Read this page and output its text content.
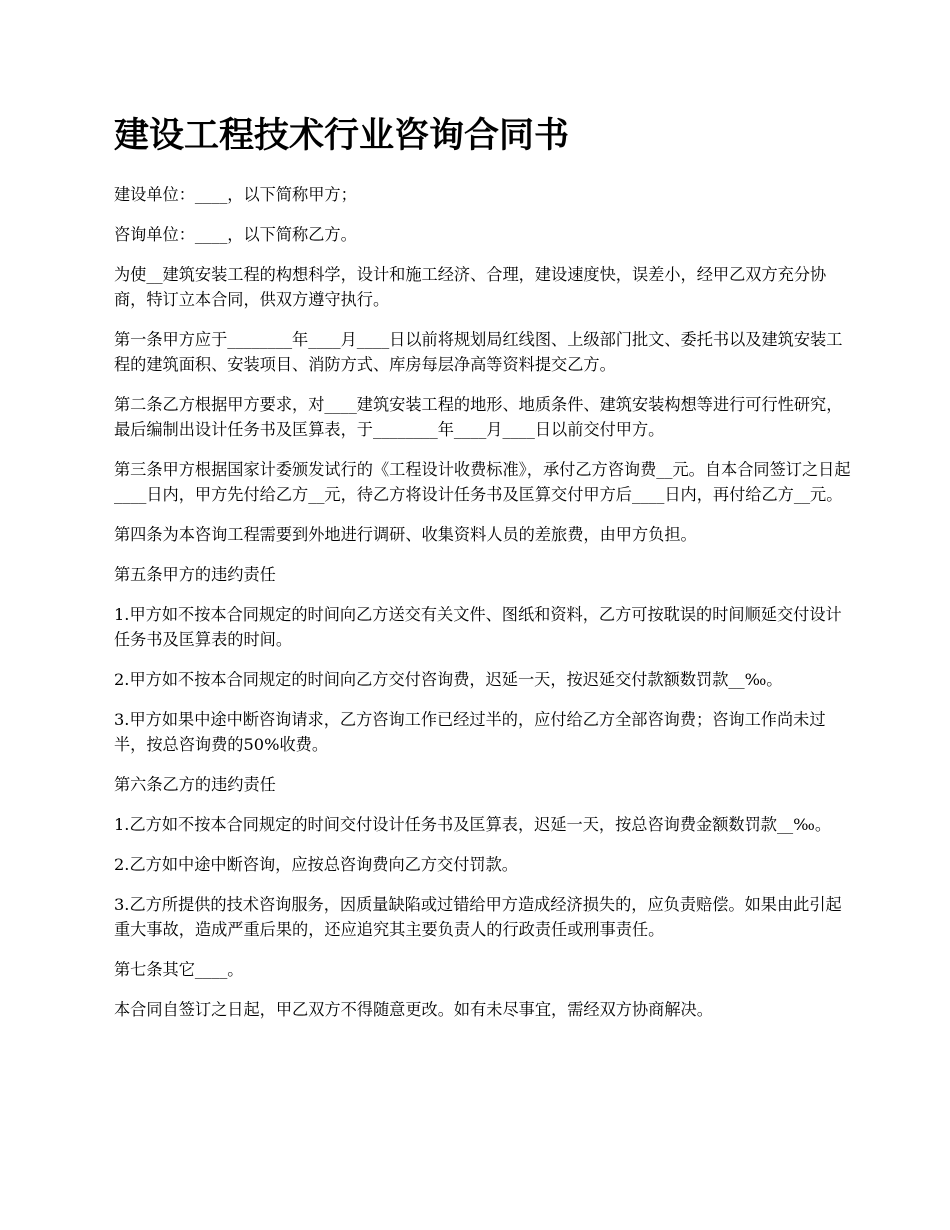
建设工程技术行业咨询合同书

建设单位：____，以下简称甲方；

咨询单位：____，以下简称乙方。

为使__建筑安装工程的构想科学，设计和施工经济、合理，建设速度快，误差小，经甲乙双方充分协商，特订立本合同，供双方遵守执行。

第一条甲方应于________年____月____日以前将规划局红线图、上级部门批文、委托书以及建筑安装工程的建筑面积、安装项目、消防方式、库房每层净高等资料提交乙方。

第二条乙方根据甲方要求，对____建筑安装工程的地形、地质条件、建筑安装构想等进行可行性研究，最后编制出设计任务书及匡算表，于________年____月____日以前交付甲方。

第三条甲方根据国家计委颁发试行的《工程设计收费标准》，承付乙方咨询费__元。自本合同签订之日起____日内，甲方先付给乙方__元，待乙方将设计任务书及匡算交付甲方后____日内，再付给乙方__元。

第四条为本咨询工程需要到外地进行调研、收集资料人员的差旅费，由甲方负担。

第五条甲方的违约责任

1.甲方如不按本合同规定的时间向乙方送交有关文件、图纸和资料，乙方可按耽误的时间顺延交付设计任务书及匡算表的时间。

2.甲方如不按本合同规定的时间向乙方交付咨询费，迟延一天，按迟延交付款额数罚款__‰。

3.甲方如果中途中断咨询请求，乙方咨询工作已经过半的，应付给乙方全部咨询费；咨询工作尚未过半，按总咨询费的50%收费。

第六条乙方的违约责任

1.乙方如不按本合同规定的时间交付设计任务书及匡算表，迟延一天，按总咨询费金额数罚款__‰。

2.乙方如中途中断咨询，应按总咨询费向乙方交付罚款。

3.乙方所提供的技术咨询服务，因质量缺陷或过错给甲方造成经济损失的，应负责赔偿。如果由此引起重大事故，造成严重后果的，还应追究其主要负责人的行政责任或刑事责任。

第七条其它____。

本合同自签订之日起，甲乙双方不得随意更改。如有未尽事宜，需经双方协商解决。
